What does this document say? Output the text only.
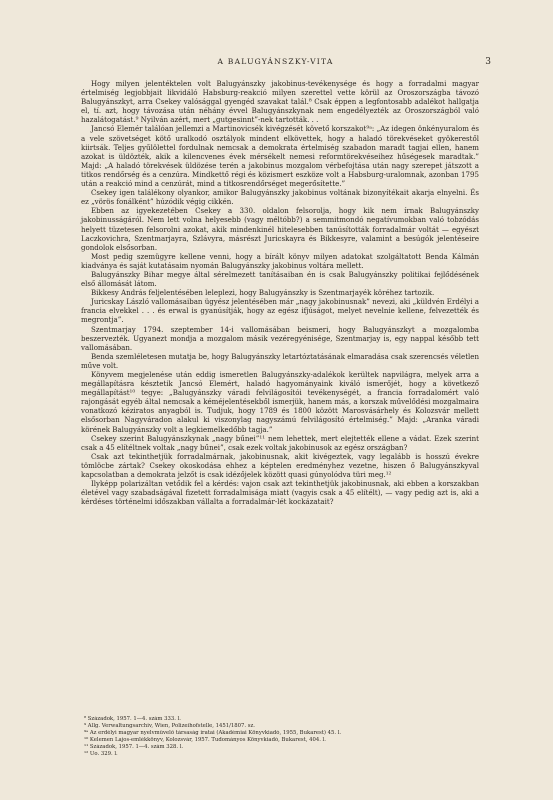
A BALUGYÁNSZKY-VITA	3

Hogy milyen jelentéktelen volt Balugyánszky jakobinus-tevékenysége és hogy a forradalmi magyar értelmiség legjobbjait likvidáló Habsburg-reakció milyen szerettel vette körül az Oroszországba távozó Balugyánszkyt, arra Csekey valósággal gyengéd szavakat talál.⁸ Csak éppen a legfontosabb adalékot hallgatja el, tí. azt, hogy távozása után néhány évvel Balugyánszkynak nem engedélyezték az Oroszországból való hazalátogatást.⁹ Nyilván azért, mert „gutgesinnt”-nek tartották. . .

Jancsó Elemér találóan jellemzi a Martinovicsék kivégzését követő korszakot⁹ᵃ: „Az idegen önkényuralom és a vele szövetséget kötő uralkodó osztályok mindent elkövettek, hogy a haladó törekvéseket gyökerestől kiirtsák. Teljes gyűlölettel fordulnak nemcsak a demokrata értelmiség szabadon maradt tagjai ellen, hanem azokat is üldözték, akik a kilencvenes évek mérsékelt nemesi reformtörekvéseihez hűségesek maradtak.” Majd: „A haladó törekvések üldözése terén a jakobinus mozgalom vérbefojtása után nagy szerepet játszott a titkos rendőrség és a cenzúra. Mindkettő régi és közismert eszköze volt a Habsburg-uralomnak, azonban 1795 után a reakció mind a cenzúrát, mind a titkosrendőrséget megerősítette.”

Csekey igen találékony olyankor, amikor Balugyánszky jakobinus voltának bizonyítékait akarja elnyelni. És ez „vörös fonálként” húzódik végig cikkén.

Ebben az igyekezetében Csekey a 330. oldalon felsorolja, hogy kik nem írnak Balugyánszky jakobinusságáról. Nem lett volna helyesebb (vagy méltóbb?) a semmitmondó negatívumokban való tobzódás helyett tüzetesen felsorolni azokat, akik mindenkinél hitelesebben tanúsították forradalmár voltát — egyészt Laczkovichra, Szentmarjayra, Szlávyra, másrészt Juricskayra és Bikkesyre, valamint a besúgók jelentéseire gondolok elsősorban.

Most pedig szemügyre kellene venni, hogy a bírált könyv milyen adatokat szolgáltatott Benda Kálmán kiadványa és saját kutatásaim nyomán Balugyánszky jakobinus voltára mellett.

Balugyánszky Bihar megye által sérelmezett tanításaiban én is csak Balugyánszky politikai fejlődésének első állomását látom.

Bikkesy András feljelentésében leleplezi, hogy Balugyánszky is Szentmarjayék köréhez tartozik.

Juricskay László vallomásaiban ügyész jelentésében már „nagy jakobinusnak” nevezi, aki „küldvén Erdélyi a francia elvekkel . . . és erwal is gyanúsítják, hogy az egész ifjúságot, melyet nevelnie kellene, felvezették és megrontja”.

Szentmarjay 1794. szeptember 14-i vallomásában beismeri, hogy Balugyánszkyt a mozgalomba beszervezték. Ugyanezt mondja a mozgalom másik vezéregyénisége, Szentmarjay is, egy nappal később tett vallomásában.

Benda szemléletesen mutatja be, hogy Balugyánszky letartóztatásának elmaradása csak szerencsés véletlen műve volt.

Könyvem megjelenése után eddig ismeretlen Balugyánszky-adalékok kerültek napvilágra, melyek arra a megállapításra késztetik Jancsó Elemért, haladó hagyományaink kiváló ismerőjét, hogy a következő megállapítást¹⁰ tegye: „Balugyánszky váradi felvilágosítói tevékenységét, a francia forradalomért való rajongását egyéb által nemcsak a kéméjelentésekből ismerjük, hanem más, a korszak művelődési mozgalmaira vonatkozó kéziratos anyagból is. Tudjuk, hogy 1789 és 1800 között Marosvásárhely és Kolozsvár mellett elsősorban Nagyváradon alakul ki viszonylag nagyszámú felvilágosító értelmiség.” Majd: „Aranka váradi körének Balugyánszky volt a legkiemelkedőbb tagja.”

Csekey szerint Balugyánszkynak „nagy bűnei”¹¹ nem lehettek, mert elejtették ellene a vádat. Ezek szerint csak a 45 elítéltnek voltak „nagy bűnei”, csak ezek voltak jakobinusok az egész országban?

Csak azt tekinthetjük forradalmárnak, jakobinusnak, akit kivégeztek, vagy legalább is hosszú évekre tömlöcbe zártak? Csekey okoskodása ehhez a képtelen eredményhez vezetne, hiszen ő Balugyánszkyval kapcsolatban a demokrata jelzőt is csak idézőjelek között quasi gúnyolódva türi meg.¹²

Ilyképp polarizáltan vetődik fel a kérdés: vajon csak azt tekinthetjük jakobinusnak, aki ebben a korszakban életével vagy szabadságával fizetett forradalmisága miatt (vagyis csak a 45 elítélt), — vagy pedig azt is, aki a kérdéses történelmi időszakban vállalta a forradalmár-lét kockázatait?

⁸ Századok, 1957. 1—4. szám 333. l.
⁹ Allg. Verwaltungsarchiv, Wien, Polizeihofstelle, 1451/1807. sz.
⁹ᵃ Az erdélyi magyar nyelvművelő társaság iratai (Akadémiai Könyvkiadó, 1955, Bukarest) 45. l.
¹⁰ Kelemen Lajos-emlékkönyv, Kolozsvár, 1957. Tudományos Könyvkiadó, Bukarest, 404. l.
¹¹ Századok, 1957. 1—4. szám 328. l.
¹² Uo. 329. l.
